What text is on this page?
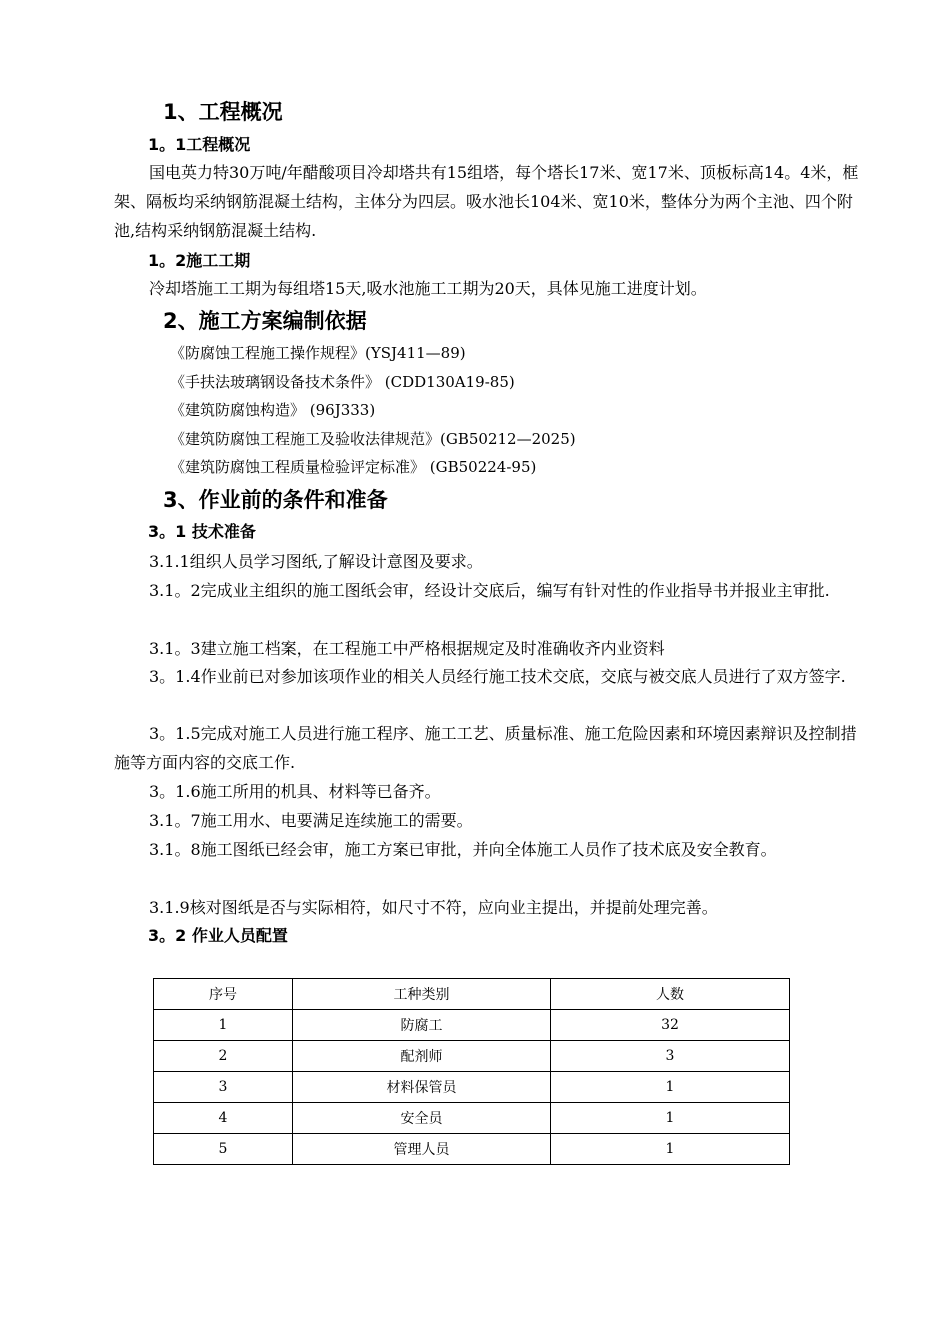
1、工程概况
1。1工程概况
国电英力特30万吨/年醋酸项目冷却塔共有15组塔，每个塔长17米、宽17米、顶板标高14。4米，框架、隔板均采纳钢筋混凝土结构，主体分为四层。吸水池长104米、宽10米，整体分为两个主池、四个附池,结构采纳钢筋混凝土结构.
1。2施工工期
冷却塔施工工期为每组塔15天,吸水池施工工期为20天，具体见施工进度计划。
2、施工方案编制依据
《防腐蚀工程施工操作规程》(YSJ411—89)
《手扶法玻璃钢设备技术条件》 (CDD130A19-85)
《建筑防腐蚀构造》 (96J333)
《建筑防腐蚀工程施工及验收法律规范》(GB50212—2025)
《建筑防腐蚀工程质量检验评定标准》 (GB50224-95)
3、作业前的条件和准备
3。1 技术准备
3.1.1组织人员学习图纸,了解设计意图及要求。
3.1。2完成业主组织的施工图纸会审，经设计交底后，编写有针对性的作业指导书并报业主审批.
3.1。3建立施工档案，在工程施工中严格根据规定及时准确收齐内业资料
3。1.4作业前已对参加该项作业的相关人员经行施工技术交底，交底与被交底人员进行了双方签字.
3。1.5完成对施工人员进行施工程序、施工工艺、质量标准、施工危险因素和环境因素辩识及控制措施等方面内容的交底工作.
3。1.6施工所用的机具、材料等已备齐。
3.1。7施工用水、电要满足连续施工的需要。
3.1。8施工图纸已经会审，施工方案已审批，并向全体施工人员作了技术底及安全教育。
3.1.9核对图纸是否与实际相符，如尺寸不符，应向业主提出，并提前处理完善。
3。2 作业人员配置
序号	工种类别	人数
1	防腐工	32
2	配剂师	3
3	材料保管员	1
4	安全员	1
5	管理人员	1
